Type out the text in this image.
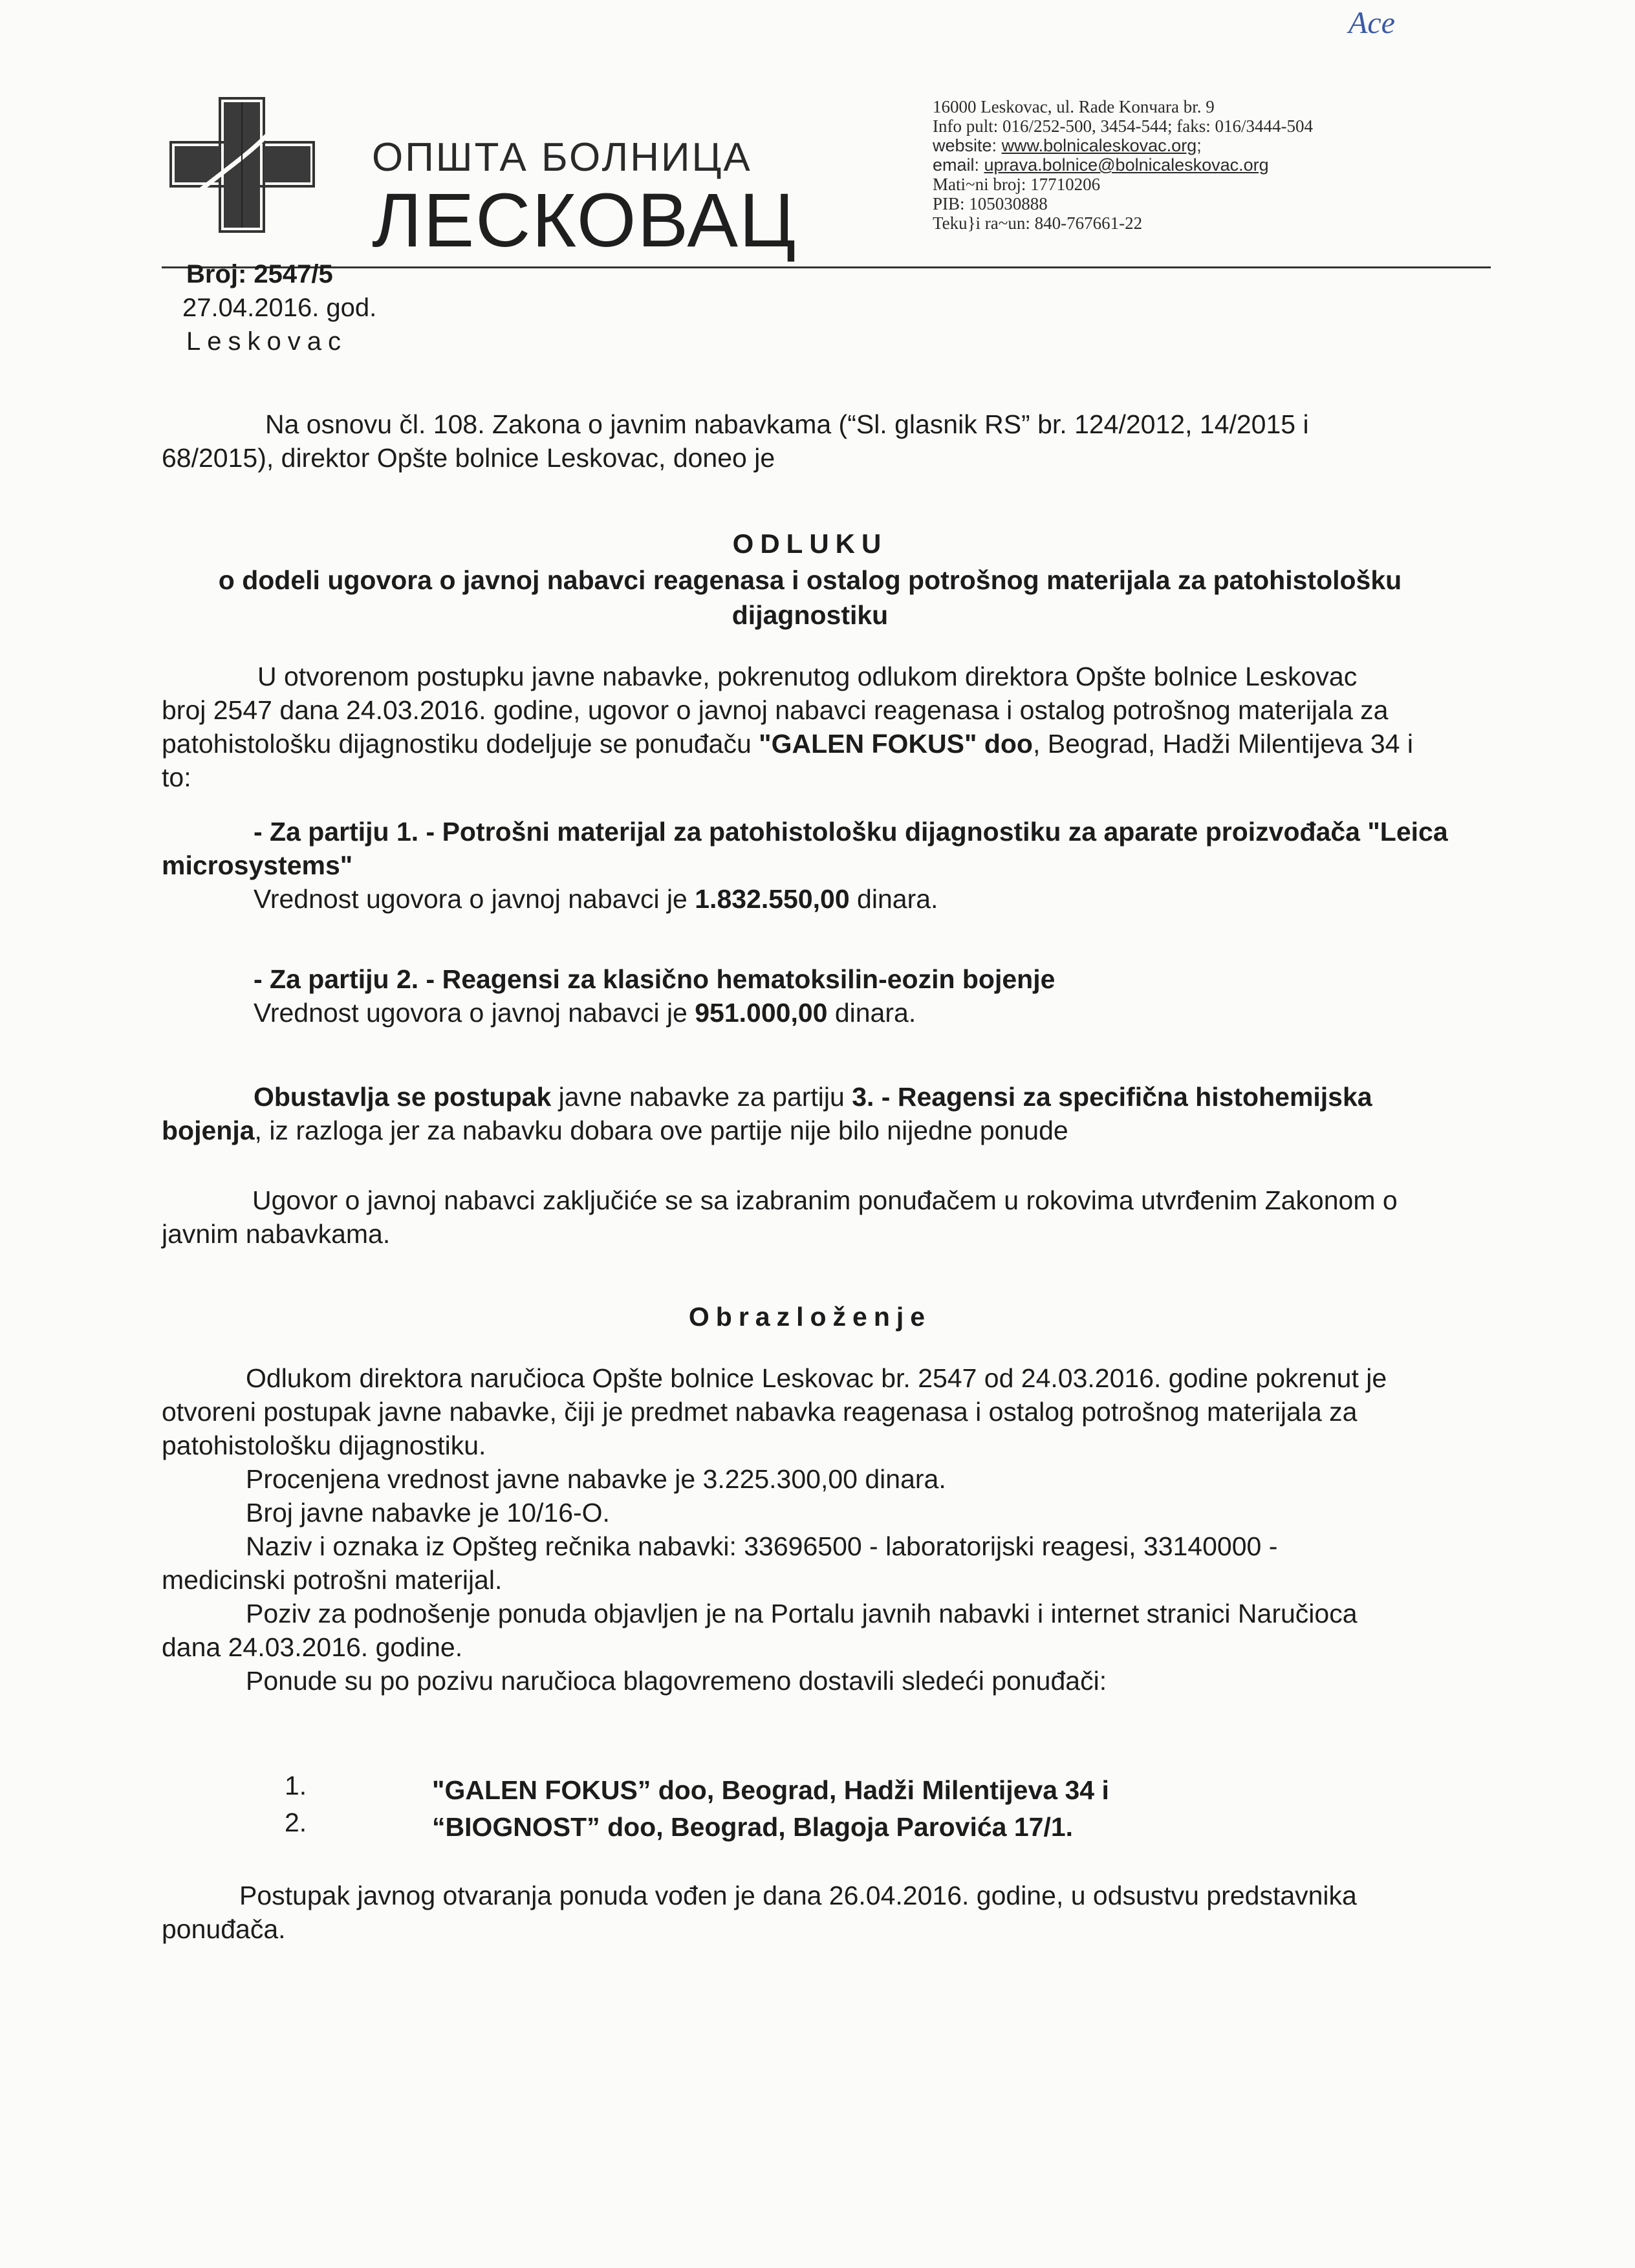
Ace
ОПШТА БОЛНИЦА
ЛЕСКОВАЦ
16000 Leskovac, ul. Rade Konчara br. 9
Info pult: 016/252-500, 3454-544; faks: 016/3444-504
website: www.bolnicaleskovac.org;
email: uprava.bolnice@bolnicaleskovac.org
Mati~ni broj: 17710206
PIB: 105030888
Teku}i ra~un: 840-767661-22
Broj: 2547/5
27.04.2016. god.
Leskovac
Na osnovu čl. 108. Zakona o javnim nabavkama (“Sl. glasnik RS” br. 124/2012, 14/2015 i
68/2015), direktor Opšte bolnice Leskovac, doneo je
ODLUKU
o dodeli ugovora o javnoj nabavci reagenasa i ostalog potrošnog materijala za patohistološku
dijagnostiku
U otvorenom postupku javne nabavke, pokrenutog odlukom direktora Opšte bolnice Leskovac
broj 2547 dana 24.03.2016. godine, ugovor o javnoj nabavci reagenasa i ostalog potrošnog materijala za
patohistološku dijagnostiku dodeljuje se ponuđaču "GALEN FOKUS" doo, Beograd, Hadži Milentijeva 34 i
to:
- Za partiju 1. - Potrošni materijal za patohistološku dijagnostiku za aparate proizvođača "Leica
microsystems"
Vrednost ugovora o javnoj nabavci je 1.832.550,00 dinara.
- Za partiju 2. - Reagensi za klasično hematoksilin-eozin bojenje
Vrednost ugovora o javnoj nabavci je 951.000,00 dinara.
Obustavlja se postupak javne nabavke za partiju 3. - Reagensi za specifična histohemijska
bojenja, iz razloga jer za nabavku dobara ove partije nije bilo nijedne ponude
Ugovor o javnoj nabavci zaključiće se sa izabranim ponuđačem u rokovima utvrđenim Zakonom o
javnim nabavkama.
Obrazloženje
Odlukom direktora naručioca Opšte bolnice Leskovac br. 2547 od 24.03.2016. godine pokrenut je
otvoreni postupak javne nabavke, čiji je predmet nabavka reagenasa i ostalog potrošnog materijala za
patohistološku dijagnostiku.
Procenjena vrednost javne nabavke je 3.225.300,00 dinara.
Broj javne nabavke je 10/16-O.
Naziv i oznaka iz Opšteg rečnika nabavki: 33696500 - laboratorijski reagesi, 33140000 -
medicinski potrošni materijal.
Poziv za podnošenje ponuda objavljen je na Portalu javnih nabavki i internet stranici Naručioca
dana 24.03.2016. godine.
Ponude su po pozivu naručioca blagovremeno dostavili sledeći ponuđači:
1.	"GALEN FOKUS” doo, Beograd, Hadži Milentijeva 34 i
2.	“BIOGNOST” doo, Beograd, Blagoja Parovića 17/1.
Postupak javnog otvaranja ponuda vođen je dana 26.04.2016. godine, u odsustvu predstavnika
ponuđača.
